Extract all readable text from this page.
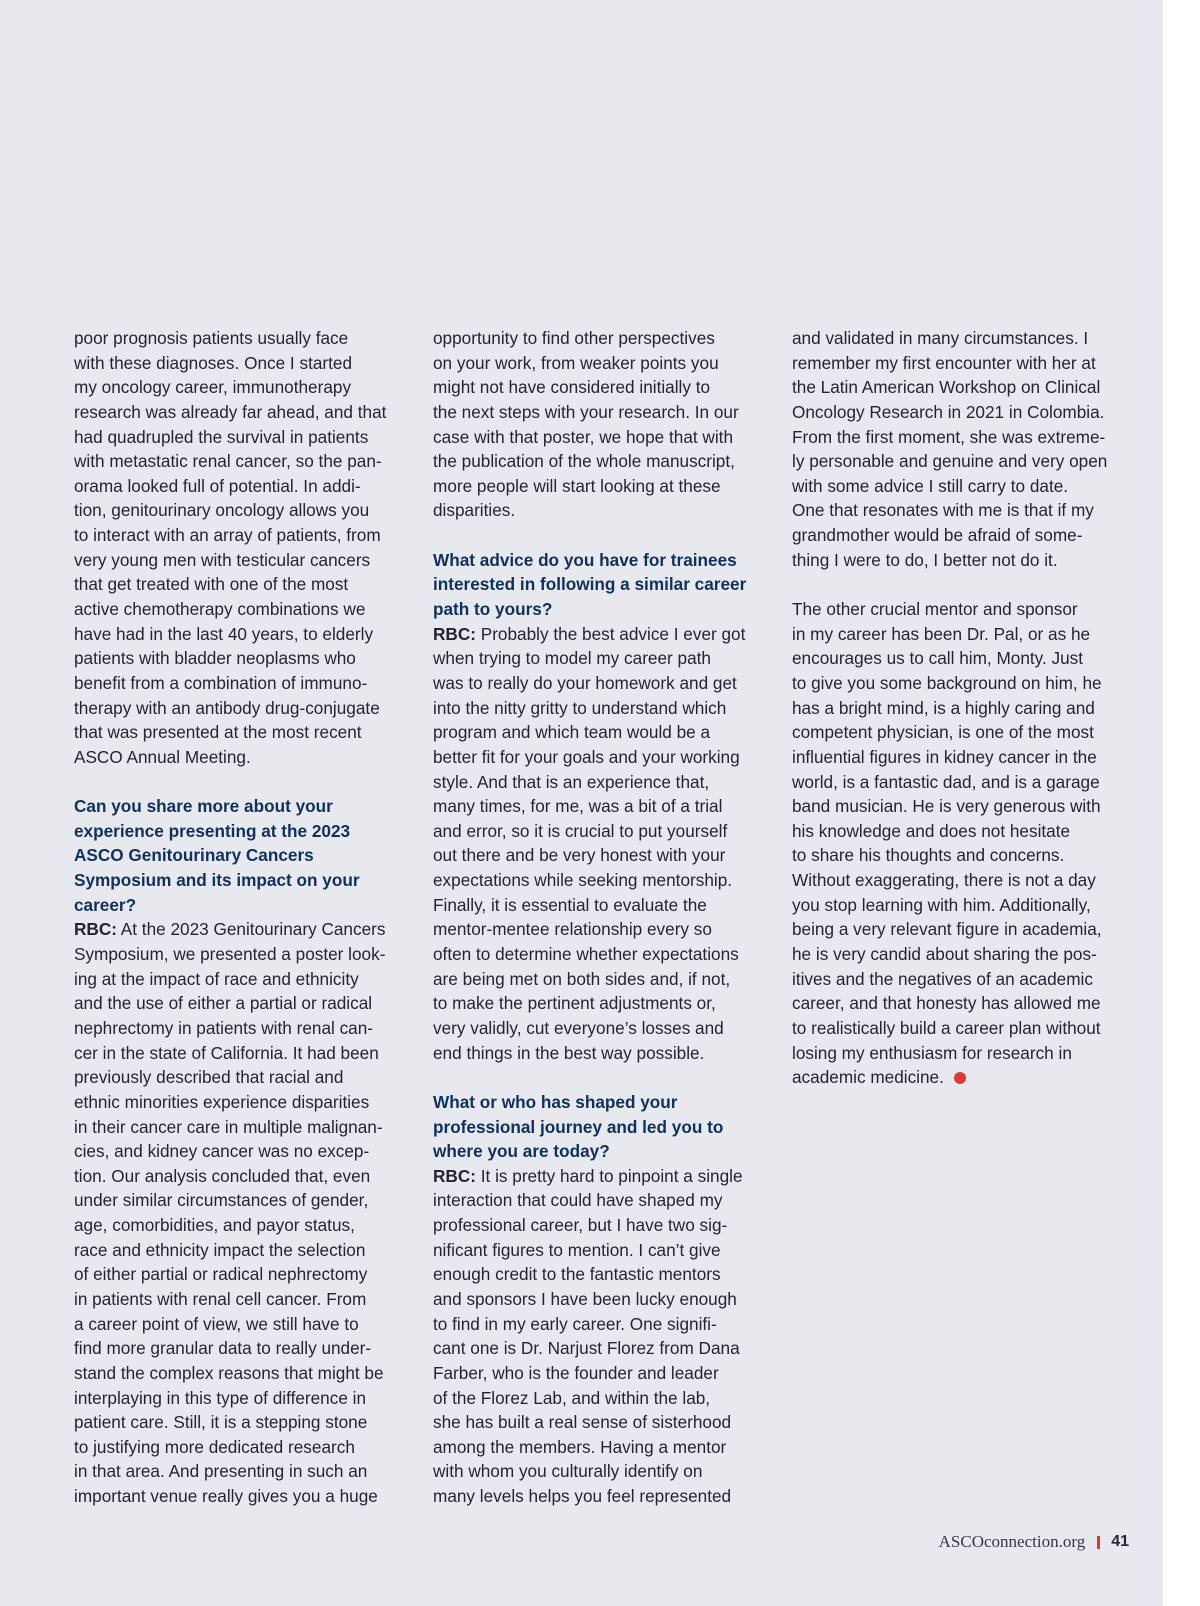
poor prognosis patients usually face
with these diagnoses. Once I started
my oncology career, immunotherapy
research was already far ahead, and that
had quadrupled the survival in patients
with metastatic renal cancer, so the pan-
orama looked full of potential. In addi-
tion, genitourinary oncology allows you
to interact with an array of patients, from
very young men with testicular cancers
that get treated with one of the most
active chemotherapy combinations we
have had in the last 40 years, to elderly
patients with bladder neoplasms who
benefit from a combination of immuno-
therapy with an antibody drug-conjugate
that was presented at the most recent
ASCO Annual Meeting.
Can you share more about your
experience presenting at the 2023
ASCO Genitourinary Cancers
Symposium and its impact on your
career?
RBC: At the 2023 Genitourinary Cancers
Symposium, we presented a poster look-
ing at the impact of race and ethnicity
and the use of either a partial or radical
nephrectomy in patients with renal can-
cer in the state of California. It had been
previously described that racial and
ethnic minorities experience disparities
in their cancer care in multiple malignan-
cies, and kidney cancer was no excep-
tion. Our analysis concluded that, even
under similar circumstances of gender,
age, comorbidities, and payor status,
race and ethnicity impact the selection
of either partial or radical nephrectomy
in patients with renal cell cancer. From
a career point of view, we still have to
find more granular data to really under-
stand the complex reasons that might be
interplaying in this type of difference in
patient care. Still, it is a stepping stone
to justifying more dedicated research
in that area. And presenting in such an
important venue really gives you a huge
opportunity to find other perspectives
on your work, from weaker points you
might not have considered initially to
the next steps with your research. In our
case with that poster, we hope that with
the publication of the whole manuscript,
more people will start looking at these
disparities.
What advice do you have for trainees
interested in following a similar career
path to yours?
RBC: Probably the best advice I ever got
when trying to model my career path
was to really do your homework and get
into the nitty gritty to understand which
program and which team would be a
better fit for your goals and your working
style. And that is an experience that,
many times, for me, was a bit of a trial
and error, so it is crucial to put yourself
out there and be very honest with your
expectations while seeking mentorship.
Finally, it is essential to evaluate the
mentor-mentee relationship every so
often to determine whether expectations
are being met on both sides and, if not,
to make the pertinent adjustments or,
very validly, cut everyone’s losses and
end things in the best way possible.
What or who has shaped your
professional journey and led you to
where you are today?
RBC: It is pretty hard to pinpoint a single
interaction that could have shaped my
professional career, but I have two sig-
nificant figures to mention. I can’t give
enough credit to the fantastic mentors
and sponsors I have been lucky enough
to find in my early career. One signifi-
cant one is Dr. Narjust Florez from Dana
Farber, who is the founder and leader
of the Florez Lab, and within the lab,
she has built a real sense of sisterhood
among the members. Having a mentor
with whom you culturally identify on
many levels helps you feel represented
and validated in many circumstances. I
remember my first encounter with her at
the Latin American Workshop on Clinical
Oncology Research in 2021 in Colombia.
From the first moment, she was extreme-
ly personable and genuine and very open
with some advice I still carry to date.
One that resonates with me is that if my
grandmother would be afraid of some-
thing I were to do, I better not do it.
The other crucial mentor and sponsor
in my career has been Dr. Pal, or as he
encourages us to call him, Monty. Just
to give you some background on him, he
has a bright mind, is a highly caring and
competent physician, is one of the most
influential figures in kidney cancer in the
world, is a fantastic dad, and is a garage
band musician. He is very generous with
his knowledge and does not hesitate
to share his thoughts and concerns.
Without exaggerating, there is not a day
you stop learning with him. Additionally,
being a very relevant figure in academia,
he is very candid about sharing the pos-
itives and the negatives of an academic
career, and that honesty has allowed me
to realistically build a career plan without
losing my enthusiasm for research in
academic medicine.
ASCOconnection.org 41
